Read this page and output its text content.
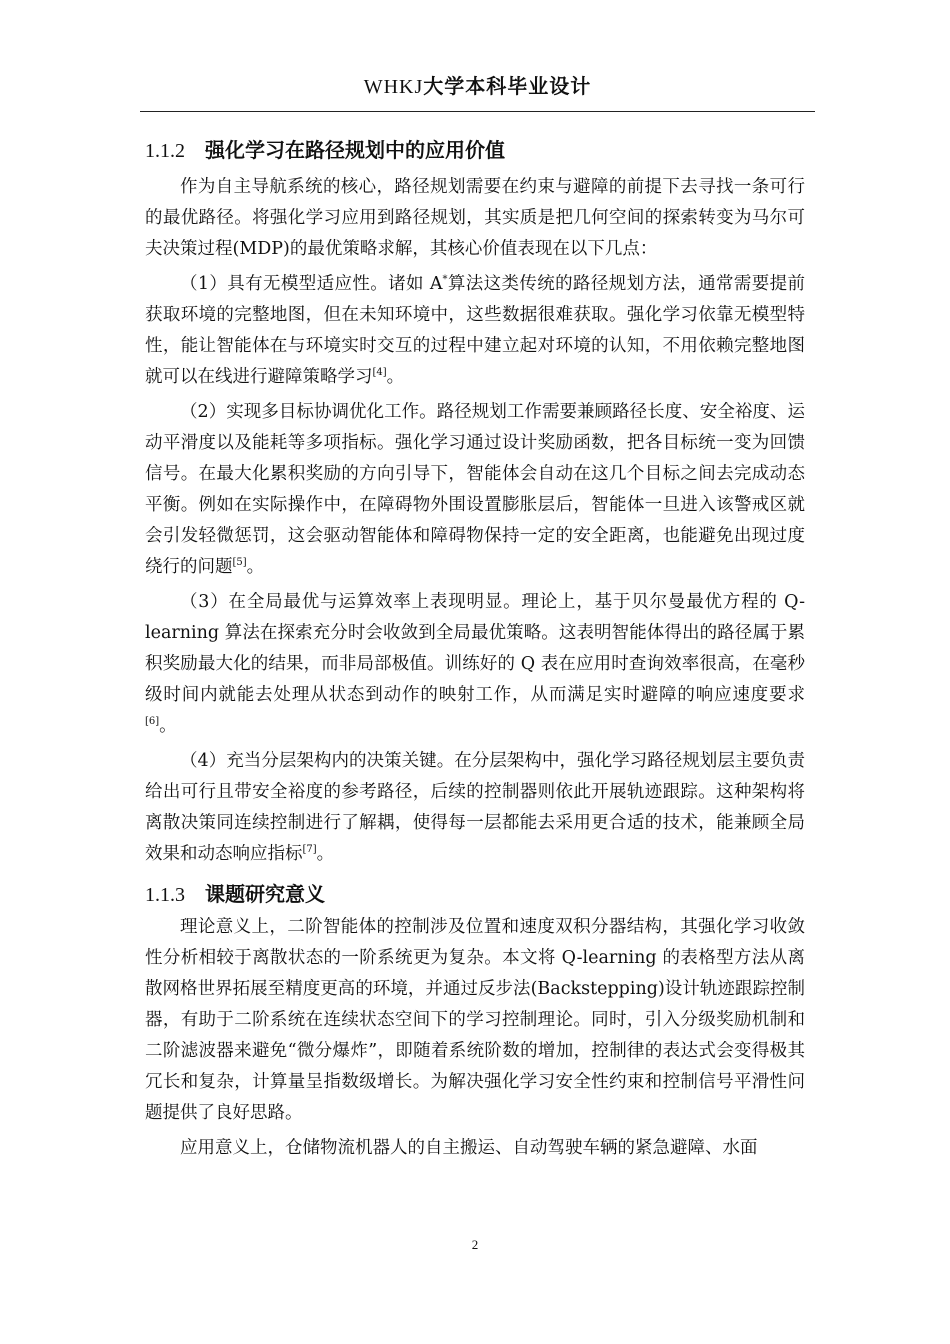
WHKJ大学本科毕业设计
1.1.2 强化学习在路径规划中的应用价值

作为自主导航系统的核心，路径规划需要在约束与避障的前提下去寻找一条可行的最优路径。将强化学习应用到路径规划，其实质是把几何空间的探索转变为马尔可夫决策过程(MDP)的最优策略求解，其核心价值表现在以下几点：

（1）具有无模型适应性。诸如 A*算法这类传统的路径规划方法，通常需要提前获取环境的完整地图，但在未知环境中，这些数据很难获取。强化学习依靠无模型特性，能让智能体在与环境实时交互的过程中建立起对环境的认知，不用依赖完整地图就可以在线进行避障策略学习[4]。

（2）实现多目标协调优化工作。路径规划工作需要兼顾路径长度、安全裕度、运动平滑度以及能耗等多项指标。强化学习通过设计奖励函数，把各目标统一变为回馈信号。在最大化累积奖励的方向引导下，智能体会自动在这几个目标之间去完成动态平衡。例如在实际操作中，在障碍物外围设置膨胀层后，智能体一旦进入该警戒区就会引发轻微惩罚，这会驱动智能体和障碍物保持一定的安全距离，也能避免出现过度绕行的问题[5]。

（3）在全局最优与运算效率上表现明显。理论上，基于贝尔曼最优方程的 Q-learning 算法在探索充分时会收敛到全局最优策略。这表明智能体得出的路径属于累积奖励最大化的结果，而非局部极值。训练好的 Q 表在应用时查询效率很高，在毫秒级时间内就能去处理从状态到动作的映射工作，从而满足实时避障的响应速度要求[6]。

（4）充当分层架构内的决策关键。在分层架构中，强化学习路径规划层主要负责给出可行且带安全裕度的参考路径，后续的控制器则依此开展轨迹跟踪。这种架构将离散决策同连续控制进行了解耦，使得每一层都能去采用更合适的技术，能兼顾全局效果和动态响应指标[7]。

1.1.3 课题研究意义

理论意义上，二阶智能体的控制涉及位置和速度双积分器结构，其强化学习收敛性分析相较于离散状态的一阶系统更为复杂。本文将 Q-learning 的表格型方法从离散网格世界拓展至精度更高的环境，并通过反步法(Backstepping)设计轨迹跟踪控制器，有助于二阶系统在连续状态空间下的学习控制理论。同时，引入分级奖励机制和二阶滤波器来避免“微分爆炸”，即随着系统阶数的增加，控制律的表达式会变得极其冗长和复杂，计算量呈指数级增长。为解决强化学习安全性约束和控制信号平滑性问题提供了良好思路。

应用意义上，仓储物流机器人的自主搬运、自动驾驶车辆的紧急避障、水面

2
